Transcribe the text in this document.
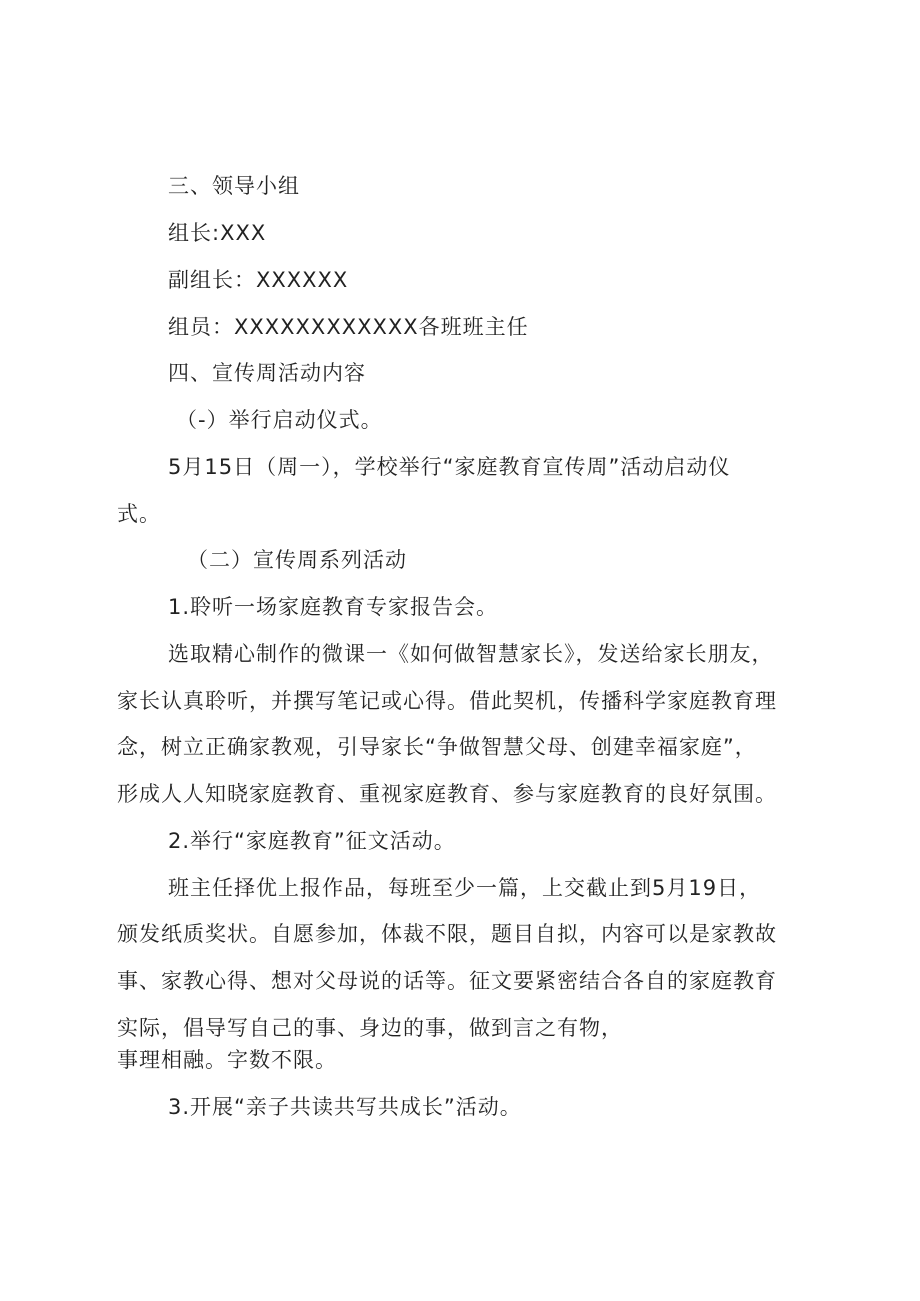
三、领导小组
组长:XXX
副组长：XXXXXX
组员：XXXXXXXXXXXX各班班主任
四、宣传周活动内容
（-）举行启动仪式。
5月15日（周一），学校举行“家庭教育宣传周”活动启动仪
式。
（二）宣传周系列活动
1.聆听一场家庭教育专家报告会。
选取精心制作的微课一《如何做智慧家长》，发送给家长朋友，
家长认真聆听，并撰写笔记或心得。借此契机，传播科学家庭教育理
念，树立正确家教观，引导家长“争做智慧父母、创建幸福家庭”，
形成人人知晓家庭教育、重视家庭教育、参与家庭教育的良好氛围。
2.举行“家庭教育”征文活动。
班主任择优上报作品，每班至少一篇，上交截止到5月19日，
颁发纸质奖状。自愿参加，体裁不限，题目自拟，内容可以是家教故
事、家教心得、想对父母说的话等。征文要紧密结合各自的家庭教育
实际，倡导写自己的事、身边的事，做到言之有物，
事理相融。字数不限。
3.开展“亲子共读共写共成长”活动。
